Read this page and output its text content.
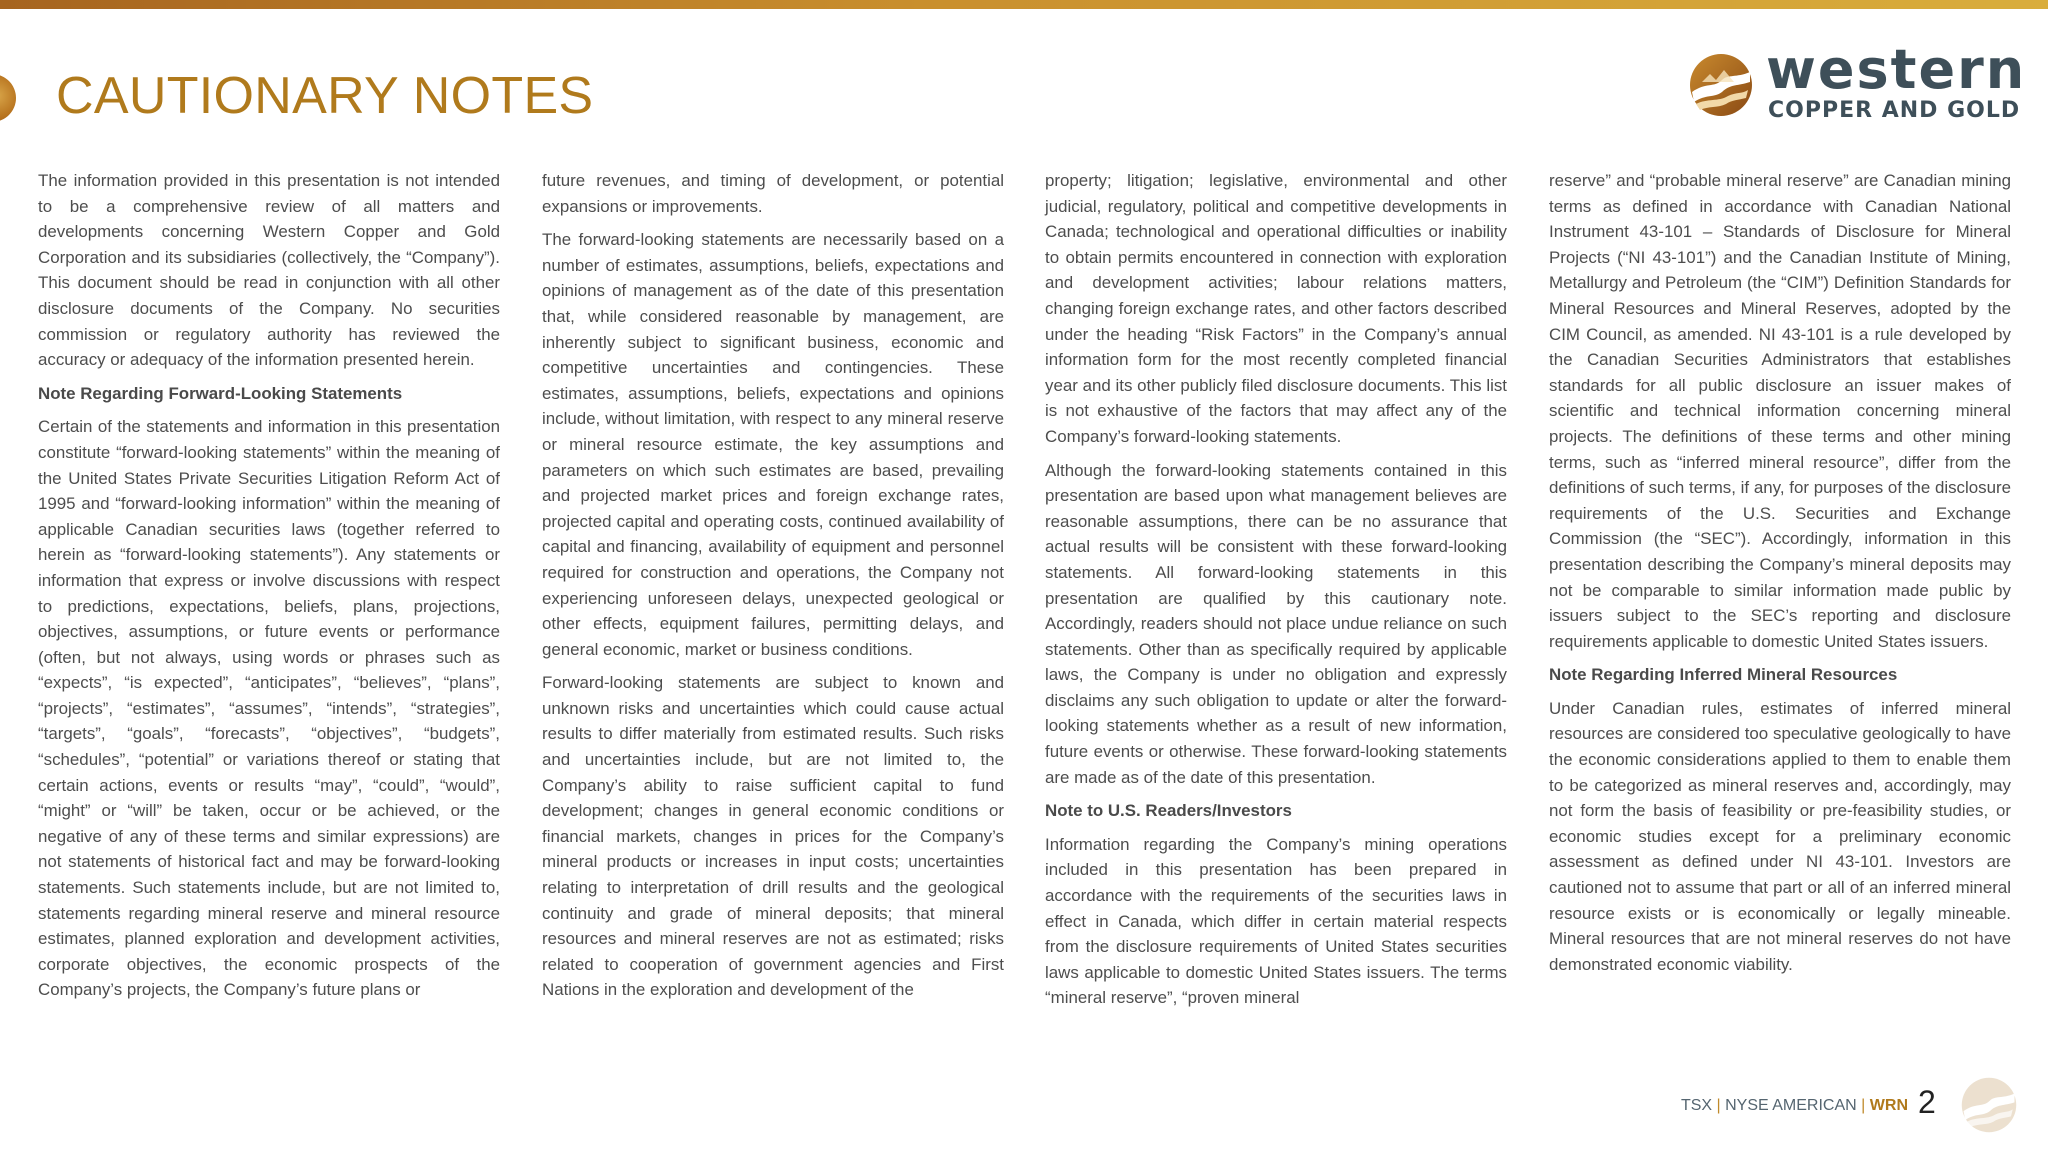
CAUTIONARY NOTES	western
COPPER AND GOLD

The information provided in this presentation is not intended to be a comprehensive review of all matters and developments concerning Western Copper and Gold Corporation and its subsidiaries (collectively, the “Company”). This document should be read in conjunction with all other disclosure documents of the Company. No securities commission or regulatory authority has reviewed the accuracy or adequacy of the information presented herein.

Note Regarding Forward-Looking Statements

Certain of the statements and information in this presentation constitute “forward-looking statements” within the meaning of the United States Private Securities Litigation Reform Act of 1995 and “forward-looking information” within the meaning of applicable Canadian securities laws (together referred to herein as “forward-looking statements”). Any statements or information that express or involve discussions with respect to predictions, expectations, beliefs, plans, projections, objectives, assumptions, or future events or performance (often, but not always, using words or phrases such as “expects”, “is expected”, “anticipates”, “believes”, “plans”, “projects”, “estimates”, “assumes”, “intends”, “strategies”, “targets”, “goals”, “forecasts”, “objectives”, “budgets”, “schedules”, “potential” or variations thereof or stating that certain actions, events or results “may”, “could”, “would”, “might” or “will” be taken, occur or be achieved, or the negative of any of these terms and similar expressions) are not statements of historical fact and may be forward-looking statements. Such statements include, but are not limited to, statements regarding mineral reserve and mineral resource estimates, planned exploration and development activities, corporate objectives, the economic prospects of the Company’s projects, the Company’s future plans or

future revenues, and timing of development, or potential expansions or improvements.

The forward-looking statements are necessarily based on a number of estimates, assumptions, beliefs, expectations and opinions of management as of the date of this presentation that, while considered reasonable by management, are inherently subject to significant business, economic and competitive uncertainties and contingencies. These estimates, assumptions, beliefs, expectations and opinions include, without limitation, with respect to any mineral reserve or mineral resource estimate, the key assumptions and parameters on which such estimates are based, prevailing and projected market prices and foreign exchange rates, projected capital and operating costs, continued availability of capital and financing, availability of equipment and personnel required for construction and operations, the Company not experiencing unforeseen delays, unexpected geological or other effects, equipment failures, permitting delays, and general economic, market or business conditions.

Forward-looking statements are subject to known and unknown risks and uncertainties which could cause actual results to differ materially from estimated results. Such risks and uncertainties include, but are not limited to, the Company’s ability to raise sufficient capital to fund development; changes in general economic conditions or financial markets, changes in prices for the Company’s mineral products or increases in input costs; uncertainties relating to interpretation of drill results and the geological continuity and grade of mineral deposits; that mineral resources and mineral reserves are not as estimated; risks related to cooperation of government agencies and First Nations in the exploration and development of the

property; litigation; legislative, environmental and other judicial, regulatory, political and competitive developments in Canada; technological and operational difficulties or inability to obtain permits encountered in connection with exploration and development activities; labour relations matters, changing foreign exchange rates, and other factors described under the heading “Risk Factors” in the Company’s annual information form for the most recently completed financial year and its other publicly filed disclosure documents. This list is not exhaustive of the factors that may affect any of the Company’s forward-looking statements.

Although the forward-looking statements contained in this presentation are based upon what management believes are reasonable assumptions, there can be no assurance that actual results will be consistent with these forward-looking statements. All forward-looking statements in this presentation are qualified by this cautionary note. Accordingly, readers should not place undue reliance on such statements. Other than as specifically required by applicable laws, the Company is under no obligation and expressly disclaims any such obligation to update or alter the forward-looking statements whether as a result of new information, future events or otherwise. These forward-looking statements are made as of the date of this presentation.

Note to U.S. Readers/Investors

Information regarding the Company’s mining operations included in this presentation has been prepared in accordance with the requirements of the securities laws in effect in Canada, which differ in certain material respects from the disclosure requirements of United States securities laws applicable to domestic United States issuers. The terms “mineral reserve”, “proven mineral

reserve” and “probable mineral reserve” are Canadian mining terms as defined in accordance with Canadian National Instrument 43-101 – Standards of Disclosure for Mineral Projects (“NI 43-101”) and the Canadian Institute of Mining, Metallurgy and Petroleum (the “CIM”) Definition Standards for Mineral Resources and Mineral Reserves, adopted by the CIM Council, as amended. NI 43-101 is a rule developed by the Canadian Securities Administrators that establishes standards for all public disclosure an issuer makes of scientific and technical information concerning mineral projects. The definitions of these terms and other mining terms, such as “inferred mineral resource”, differ from the definitions of such terms, if any, for purposes of the disclosure requirements of the U.S. Securities and Exchange Commission (the “SEC”). Accordingly, information in this presentation describing the Company’s mineral deposits may not be comparable to similar information made public by issuers subject to the SEC’s reporting and disclosure requirements applicable to domestic United States issuers.

Note Regarding Inferred Mineral Resources

Under Canadian rules, estimates of inferred mineral resources are considered too speculative geologically to have the economic considerations applied to them to enable them to be categorized as mineral reserves and, accordingly, may not form the basis of feasibility or pre-feasibility studies, or economic studies except for a preliminary economic assessment as defined under NI 43-101. Investors are cautioned not to assume that part or all of an inferred mineral resource exists or is economically or legally mineable. Mineral resources that are not mineral reserves do not have demonstrated economic viability.

TSX | NYSE AMERICAN | WRN 2
